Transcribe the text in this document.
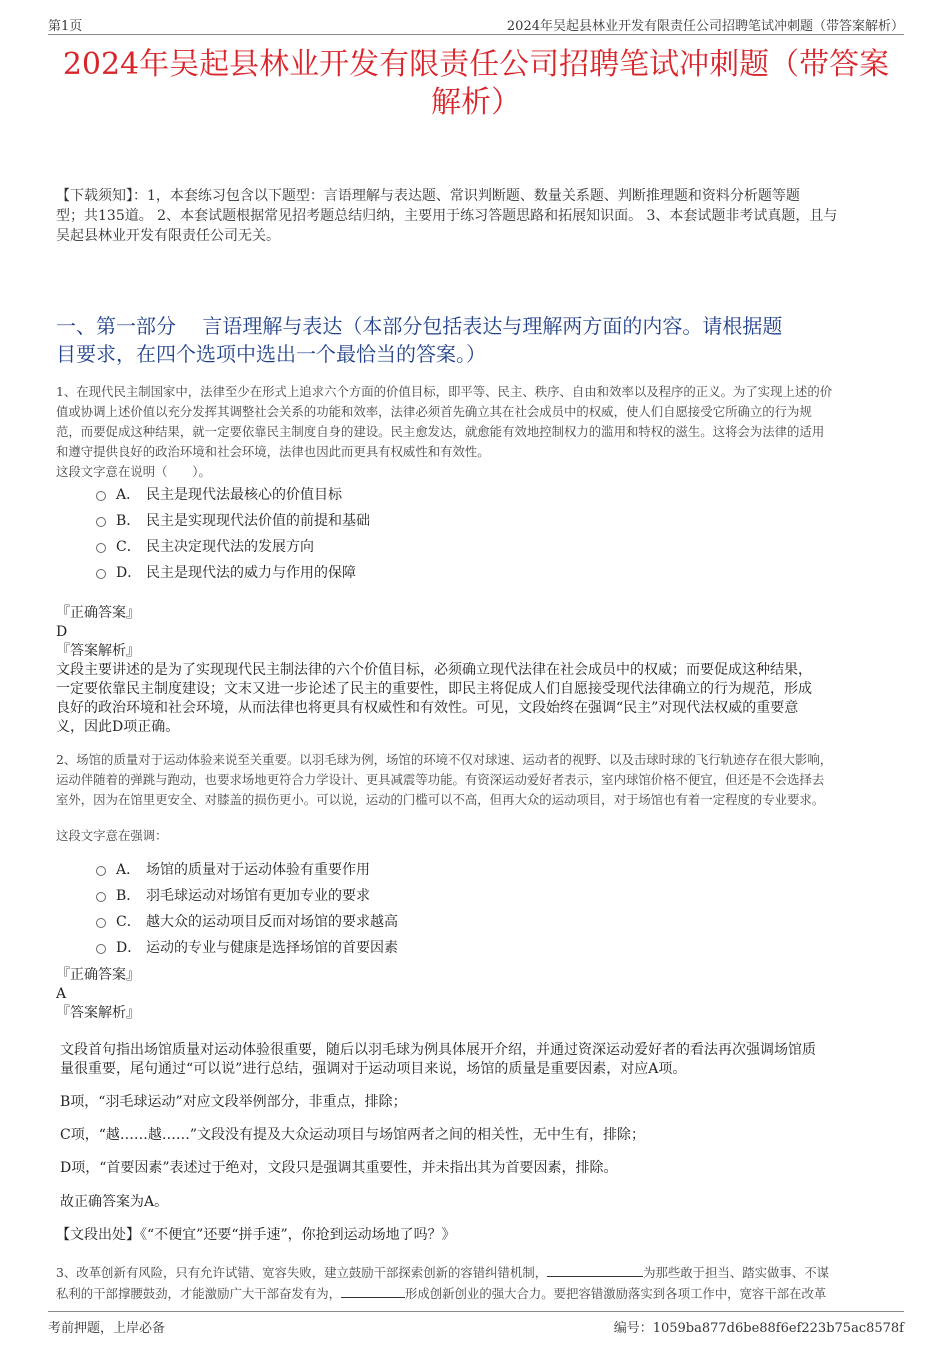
第1页	2024年吴起县林业开发有限责任公司招聘笔试冲刺题（带答案解析）
2024年吴起县林业开发有限责任公司招聘笔试冲刺题（带答案
解析）
【下载须知】：1，本套练习包含以下题型：言语理解与表达题、常识判断题、数量关系题、判断推理题和资料分析题等题
型；共135道。 2、本套试题根据常见招考题总结归纳，主要用于练习答题思路和拓展知识面。 3、本套试题非考试真题，且与
吴起县林业开发有限责任公司无关。
一、第一部分　 言语理解与表达（本部分包括表达与理解两方面的内容。请根据题
目要求，在四个选项中选出一个最恰当的答案。）
1、在现代民主制国家中，法律至少在形式上追求六个方面的价值目标，即平等、民主、秩序、自由和效率以及程序的正义。为了实现上述的价
值或协调上述价值以充分发挥其调整社会关系的功能和效率，法律必须首先确立其在社会成员中的权威，使人们自愿接受它所确立的行为规
范，而要促成这种结果，就一定要依靠民主制度自身的建设。民主愈发达，就愈能有效地控制权力的滥用和特权的滋生。这将会为法律的适用
和遵守提供良好的政治环境和社会环境，法律也因此而更具有权威性和有效性。
这段文字意在说明（　　）。
A． 民主是现代法最核心的价值目标
B． 民主是实现现代法价值的前提和基础
C． 民主决定现代法的发展方向
D． 民主是现代法的威力与作用的保障
『正确答案』
D
『答案解析』
文段主要讲述的是为了实现现代民主制法律的六个价值目标，必须确立现代法律在社会成员中的权威；而要促成这种结果，
一定要依靠民主制度建设；文末又进一步论述了民主的重要性，即民主将促成人们自愿接受现代法律确立的行为规范，形成
良好的政治环境和社会环境，从而法律也将更具有权威性和有效性。可见，文段始终在强调“民主”对现代法权威的重要意
义，因此D项正确。
2、场馆的质量对于运动体验来说至关重要。以羽毛球为例，场馆的环境不仅对球速、运动者的视野、以及击球时球的飞行轨迹存在很大影响，
运动伴随着的弹跳与跑动，也要求场地更符合力学设计、更具减震等功能。有资深运动爱好者表示，室内球馆价格不便宜，但还是不会选择去
室外，因为在馆里更安全、对膝盖的损伤更小。可以说，运动的门槛可以不高，但再大众的运动项目，对于场馆也有着一定程度的专业要求。
这段文字意在强调：
A． 场馆的质量对于运动体验有重要作用
B． 羽毛球运动对场馆有更加专业的要求
C． 越大众的运动项目反而对场馆的要求越高
D． 运动的专业与健康是选择场馆的首要因素
『正确答案』
A
『答案解析』
文段首句指出场馆质量对运动体验很重要，随后以羽毛球为例具体展开介绍，并通过资深运动爱好者的看法再次强调场馆质
量很重要，尾句通过“可以说”进行总结，强调对于运动项目来说，场馆的质量是重要因素，对应A项。
B项，“羽毛球运动”对应文段举例部分，非重点，排除；
C项，“越……越……”文段没有提及大众运动项目与场馆两者之间的相关性，无中生有，排除；
D项，“首要因素”表述过于绝对，文段只是强调其重要性，并未指出其为首要因素，排除。
故正确答案为A。
【文段出处】《“不便宜”还要“拼手速”，你抢到运动场地了吗？》
3、改革创新有风险，只有允许试错、宽容失败，建立鼓励干部探索创新的容错纠错机制，	为那些敢于担当、踏实做事、不谋
私利的干部撑腰鼓劲，才能激励广大干部奋发有为，	形成创新创业的强大合力。要把容错激励落实到各项工作中，宽容干部在改革
考前押题，上岸必备	编号：1059ba877d6be88f6ef223b75ac8578f
